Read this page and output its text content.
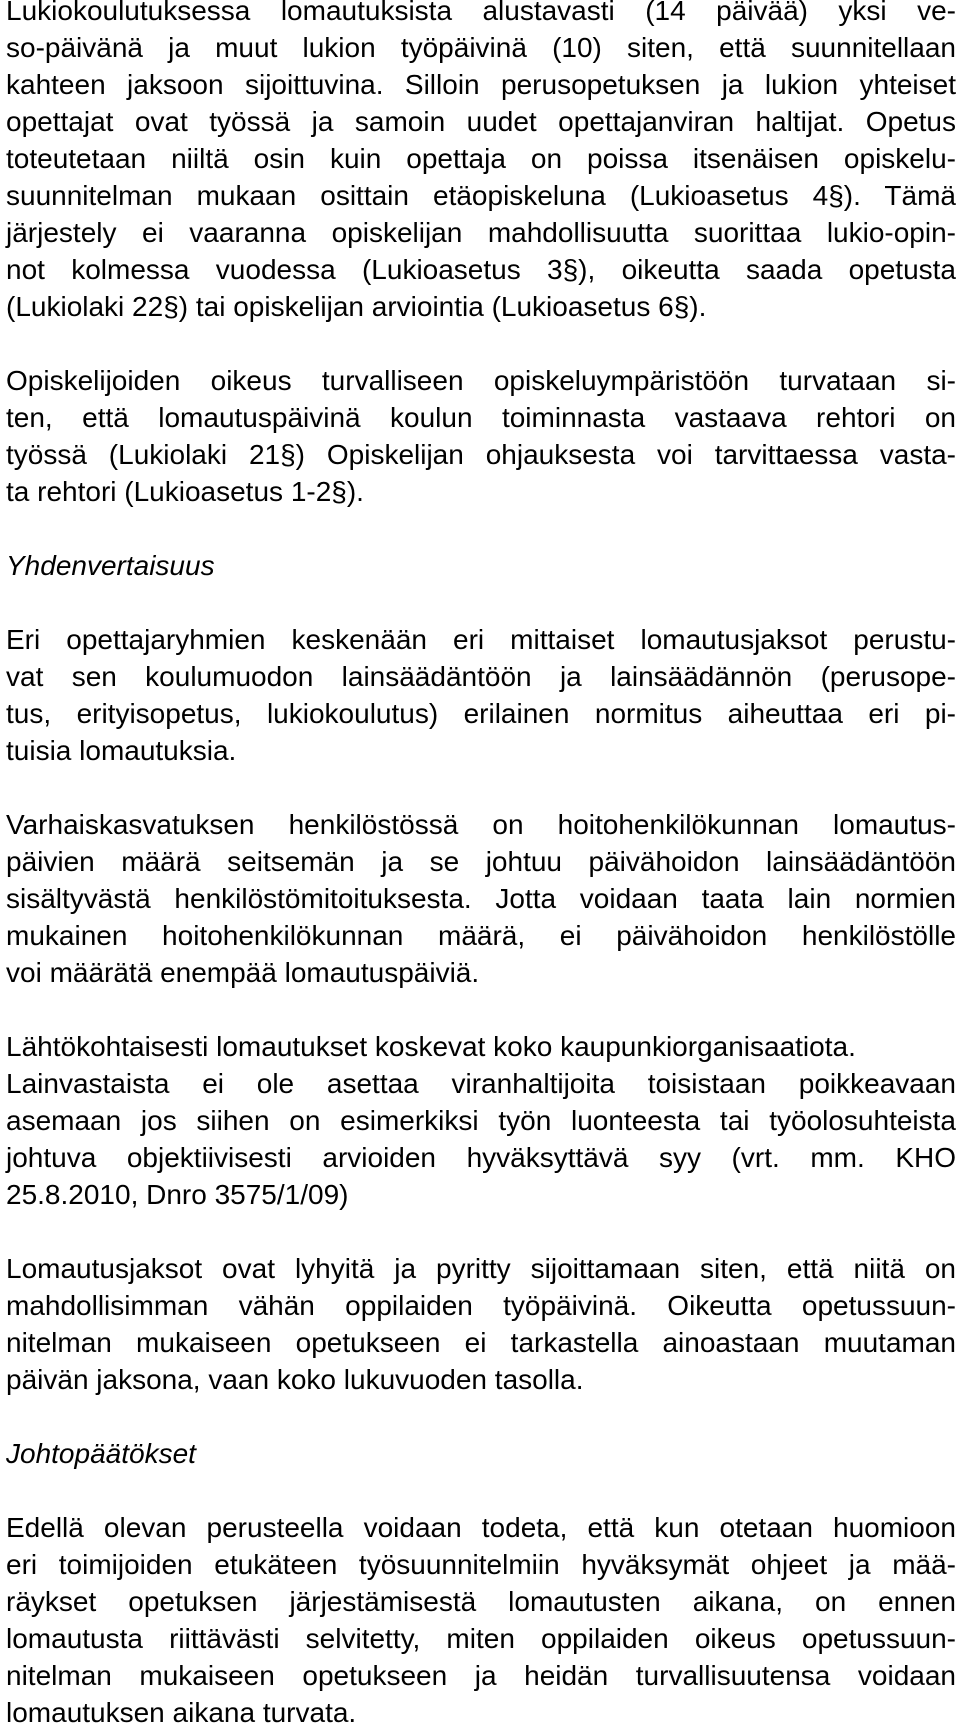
Lukiokoulutuksessa lomautuksista alustavasti (14 päivää) yksi ve-
so-päivänä ja muut lukion työpäivinä (10) siten, että suunnitellaan
kahteen jaksoon sijoittuvina. Silloin perusopetuksen ja lukion yhteiset
opettajat ovat työssä ja samoin uudet opettajanviran haltijat. Opetus
toteutetaan niiltä osin kuin opettaja on poissa itsenäisen opiskelu-
suunnitelman mukaan osittain etäopiskeluna (Lukioasetus 4§). Tämä
järjestely ei vaaranna opiskelijan mahdollisuutta suorittaa lukio-opin-
not kolmessa vuodessa (Lukioasetus 3§), oikeutta saada opetusta
(Lukiolaki 22§) tai opiskelijan arviointia (Lukioasetus 6§).

Opiskelijoiden oikeus turvalliseen opiskeluympäristöön turvataan si-
ten, että lomautuspäivinä koulun toiminnasta vastaava rehtori on
työssä (Lukiolaki 21§) Opiskelijan ohjauksesta voi tarvittaessa vasta-
ta rehtori (Lukioasetus 1-2§).

Yhdenvertaisuus

Eri opettajaryhmien keskenään eri mittaiset lomautusjaksot perustu-
vat sen koulumuodon lainsäädäntöön ja lainsäädännön (perusope-
tus, erityisopetus, lukiokoulutus) erilainen normitus aiheuttaa eri pi-
tuisia lomautuksia.

Varhaiskasvatuksen henkilöstössä on hoitohenkilökunnan lomautus-
päivien määrä seitsemän ja se johtuu päivähoidon lainsäädäntöön
sisältyvästä henkilöstömitoituksesta. Jotta voidaan taata lain normien
mukainen hoitohenkilökunnan määrä, ei päivähoidon henkilöstölle
voi määrätä enempää lomautuspäiviä.

Lähtökohtaisesti lomautukset koskevat koko kaupunkiorganisaatiota.
Lainvastaista ei ole asettaa viranhaltijoita toisistaan poikkeavaan
asemaan jos siihen on esimerkiksi työn luonteesta tai työolosuhteista
johtuva objektiivisesti arvioiden hyväksyttävä syy (vrt. mm. KHO
25.8.2010, Dnro 3575/1/09)

Lomautusjaksot ovat lyhyitä ja pyritty sijoittamaan siten, että niitä on
mahdollisimman vähän oppilaiden työpäivinä. Oikeutta opetussuun-
nitelman mukaiseen opetukseen ei tarkastella ainoastaan muutaman
päivän jaksona, vaan koko lukuvuoden tasolla.

Johtopäätökset

Edellä olevan perusteella voidaan todeta, että kun otetaan huomioon
eri toimijoiden etukäteen työsuunnitelmiin hyväksymät ohjeet ja mää-
räykset opetuksen järjestämisestä lomautusten aikana, on ennen
lomautusta riittävästi selvitetty, miten oppilaiden oikeus opetussuun-
nitelman mukaiseen opetukseen ja heidän turvallisuutensa voidaan
lomautuksen aikana turvata.
